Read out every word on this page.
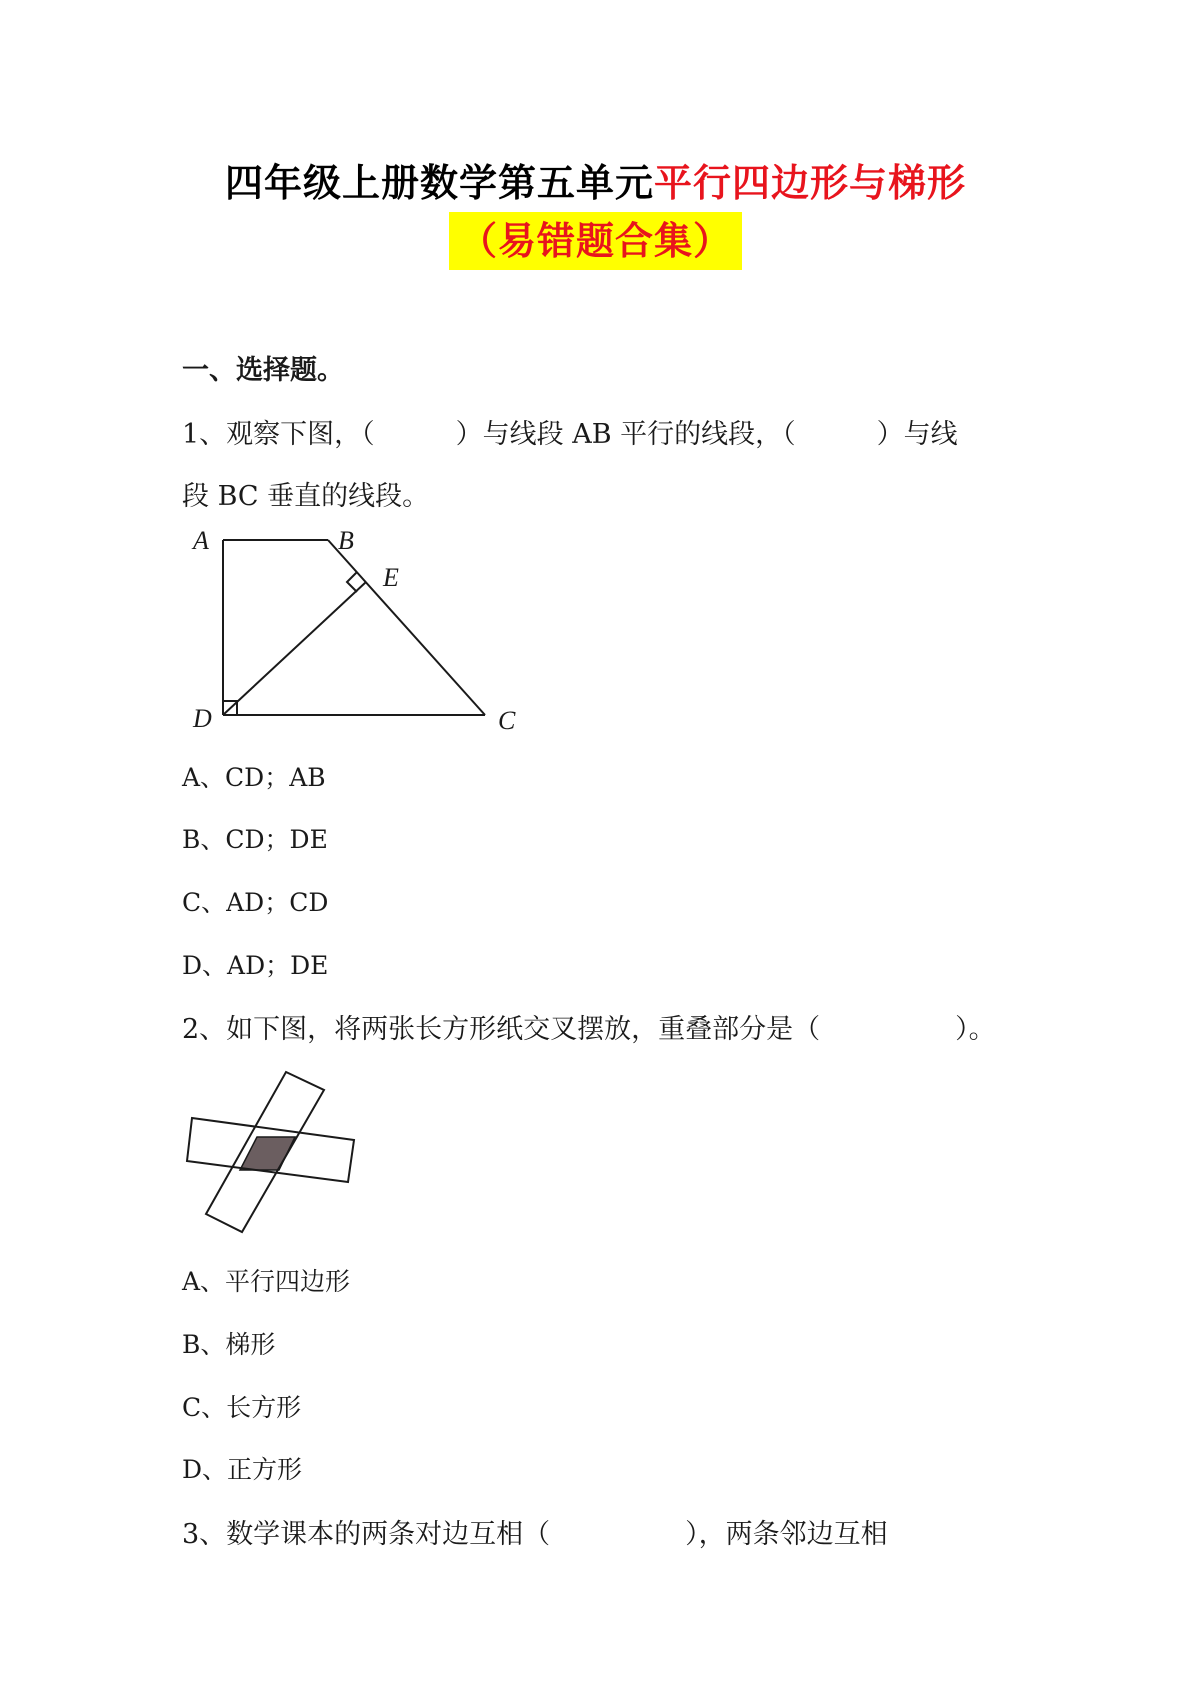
四年级上册数学第五单元平行四边形与梯形
（易错题合集）
一、选择题。
1、观察下图，（　　　）与线段 AB 平行的线段，（　　　）与线
段 BC 垂直的线段。
A	B
E
D	C
A、CD；AB
B、CD；DE
C、AD；CD
D、AD；DE
2、如下图，将两张长方形纸交叉摆放，重叠部分是（　　　　　）。
A、平行四边形
B、梯形
C、长方形
D、正方形
3、数学课本的两条对边互相（　　　　　），两条邻边互相
